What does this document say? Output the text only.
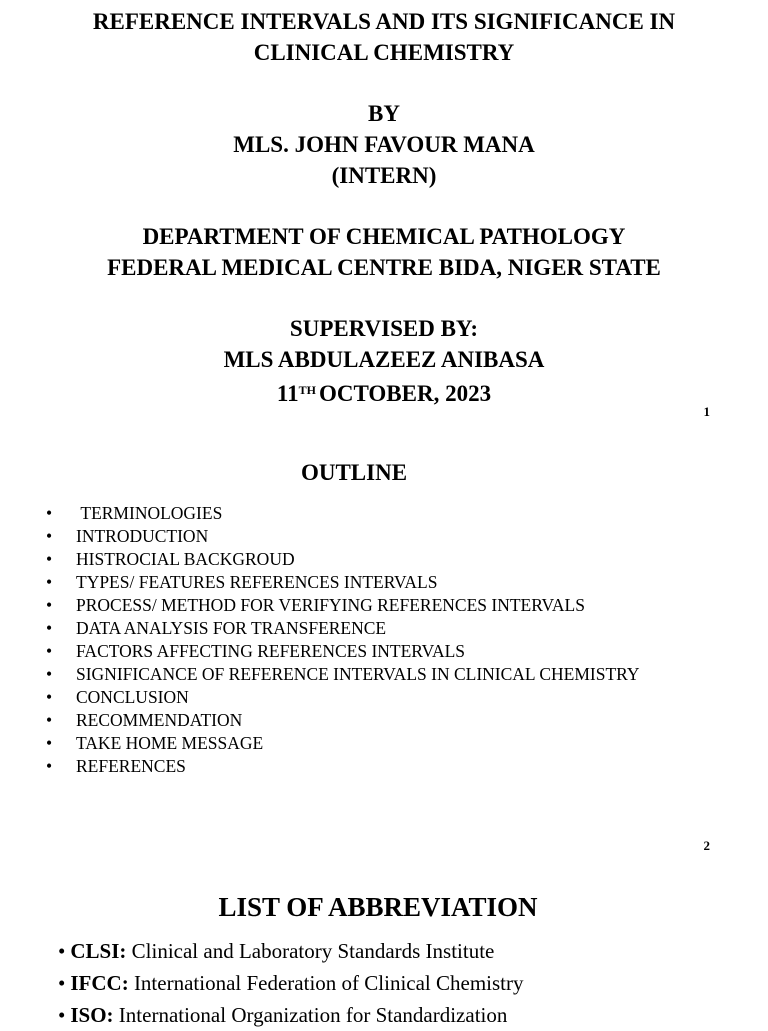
REFERENCE INTERVALS AND ITS SIGNIFICANCE IN
CLINICAL CHEMISTRY
BY
MLS. JOHN FAVOUR MANA
(INTERN)
DEPARTMENT OF CHEMICAL PATHOLOGY
FEDERAL MEDICAL CENTRE BIDA, NIGER STATE
SUPERVISED BY:
MLS ABDULAZEEZ ANIBASA
11TH OCTOBER, 2023
1
OUTLINE
• TERMINOLOGIES
• INTRODUCTION
• HISTROCIAL BACKGROUD
• TYPES/ FEATURES REFERENCES INTERVALS
• PROCESS/ METHOD FOR VERIFYING REFERENCES INTERVALS
• DATA ANALYSIS FOR TRANSFERENCE
• FACTORS AFFECTING REFERENCES INTERVALS
• SIGNIFICANCE OF REFERENCE INTERVALS IN CLINICAL CHEMISTRY
• CONCLUSION
• RECOMMENDATION
• TAKE HOME MESSAGE
• REFERENCES
2
LIST OF ABBREVIATION
• CLSI: Clinical and Laboratory Standards Institute
• IFCC: International Federation of Clinical Chemistry
• ISO: International Organization for Standardization
